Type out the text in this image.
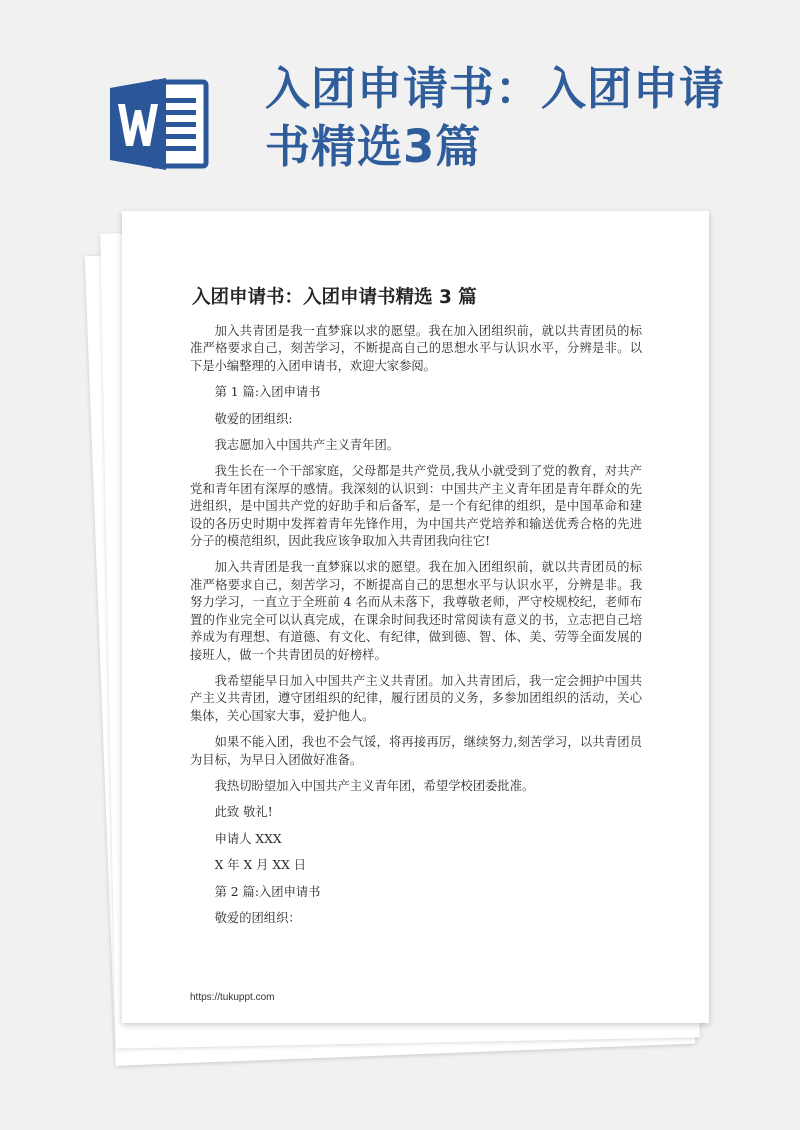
入团申请书：入团申请
书精选3篇
入团申请书：入团申请书精选 3 篇

加入共青团是我一直梦寐以求的愿望。我在加入团组织前，就以共青团员的标准严格要求自己，刻苦学习，不断提高自己的思想水平与认识水平，分辨是非。以下是小编整理的入团申请书，欢迎大家参阅。

第 1 篇:入团申请书

敬爱的团组织:

我志愿加入中国共产主义青年团。

我生长在一个干部家庭，父母都是共产党员,我从小就受到了党的教育，对共产党和青年团有深厚的感情。我深刻的认识到：中国共产主义青年团是青年群众的先进组织，是中国共产党的好助手和后备军，是一个有纪律的组织，是中国革命和建设的各历史时期中发挥着青年先锋作用，为中国共产党培养和输送优秀合格的先进分子的模范组织，因此我应该争取加入共青团我向往它!

加入共青团是我一直梦寐以求的愿望。我在加入团组织前，就以共青团员的标准严格要求自己，刻苦学习，不断提高自己的思想水平与认识水平，分辨是非。我努力学习，一直立于全班前 4 名而从未落下，我尊敬老师，严守校规校纪，老师布置的作业完全可以认真完成，在课余时间我还时常阅读有意义的书，立志把自己培养成为有理想、有道德、有文化、有纪律，做到德、智、体、美、劳等全面发展的接班人，做一个共青团员的好榜样。

我希望能早日加入中国共产主义共青团。加入共青团后，我一定会拥护中国共产主义共青团，遵守团组织的纪律，履行团员的义务，多参加团组织的活动，关心集体，关心国家大事，爱护他人。

如果不能入团，我也不会气馁，将再接再厉，继续努力,刻苦学习，以共青团员为目标，为早日入团做好准备。

我热切盼望加入中国共产主义青年团，希望学校团委批准。

此致 敬礼!

申请人 XXX

X 年 X 月 XX 日

第 2 篇:入团申请书

敬爱的团组织：

https://tukuppt.com
